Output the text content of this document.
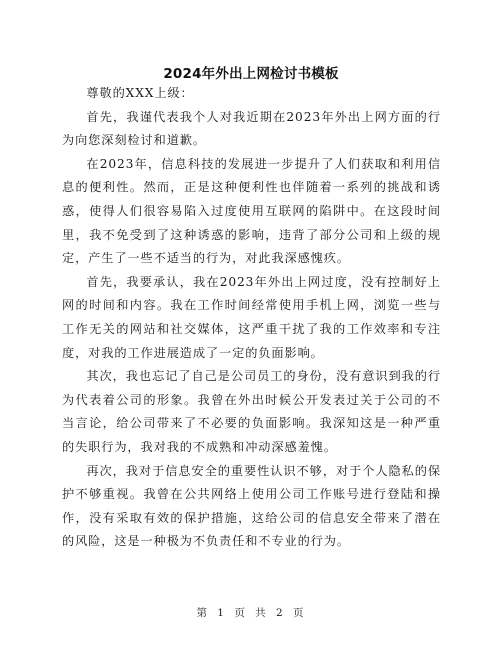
2024年外出上网检讨书模板

尊敬的XXX上级：

首先，我谨代表我个人对我近期在2023年外出上网方面的行为向您深刻检讨和道歉。

在2023年，信息科技的发展进一步提升了人们获取和利用信息的便利性。然而，正是这种便利性也伴随着一系列的挑战和诱惑，使得人们很容易陷入过度使用互联网的陷阱中。在这段时间里，我不免受到了这种诱惑的影响，违背了部分公司和上级的规定，产生了一些不适当的行为，对此我深感愧疚。

首先，我要承认，我在2023年外出上网过度，没有控制好上网的时间和内容。我在工作时间经常使用手机上网，浏览一些与工作无关的网站和社交媒体，这严重干扰了我的工作效率和专注度，对我的工作进展造成了一定的负面影响。

其次，我也忘记了自己是公司员工的身份，没有意识到我的行为代表着公司的形象。我曾在外出时候公开发表过关于公司的不当言论，给公司带来了不必要的负面影响。我深知这是一种严重的失职行为，我对我的不成熟和冲动深感羞愧。

再次，我对于信息安全的重要性认识不够，对于个人隐私的保护不够重视。我曾在公共网络上使用公司工作账号进行登陆和操作，没有采取有效的保护措施，这给公司的信息安全带来了潜在的风险，这是一种极为不负责任和不专业的行为。

第 1 页 共 2 页
